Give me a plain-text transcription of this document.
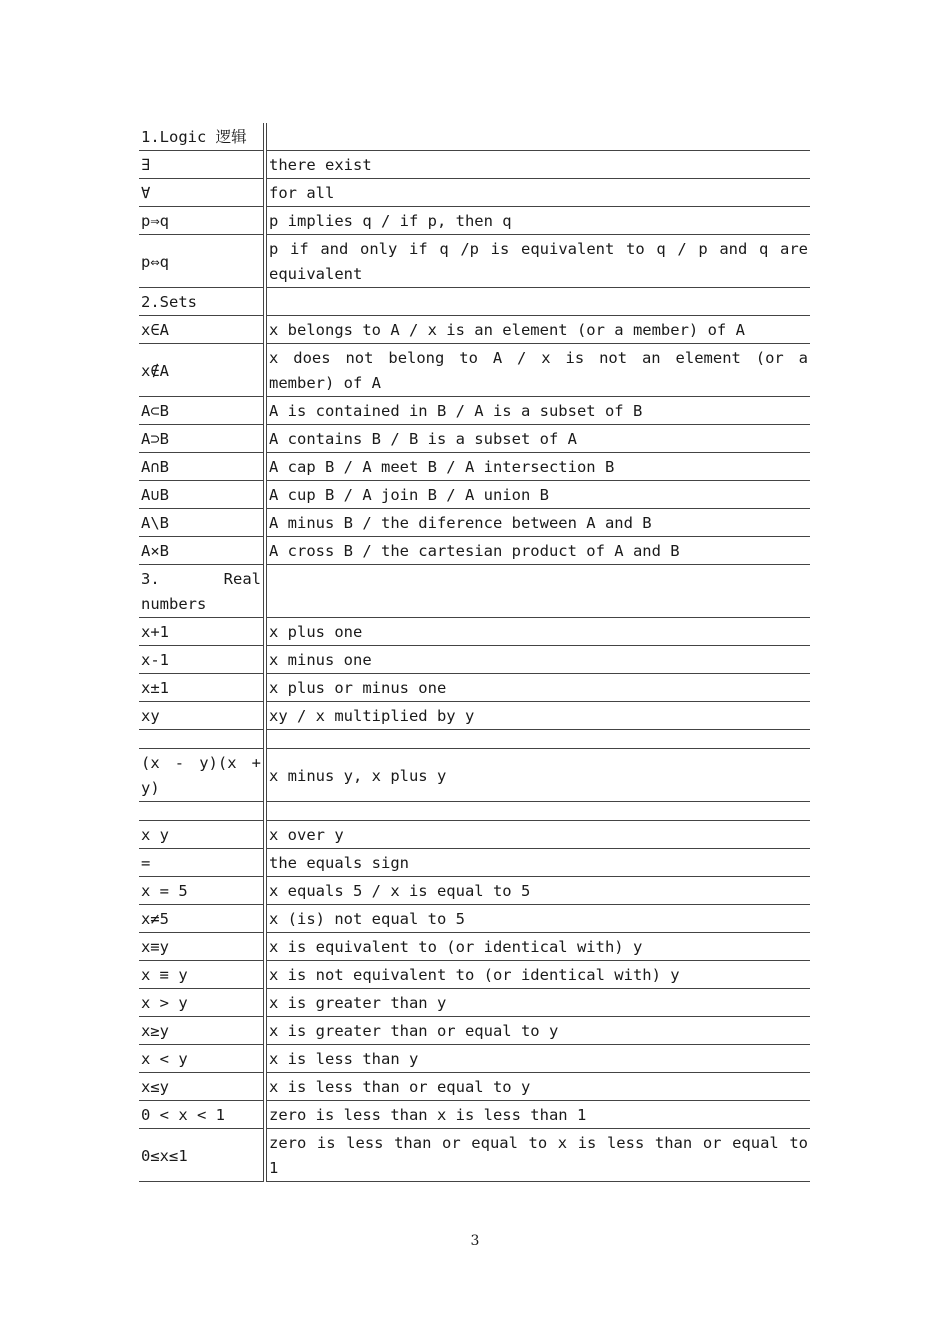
1.Logic 逻辑	
∃	there exist
∀	for all
p⇒q	p implies q / if p, then q
p⇔q	p if and only if q /p is equivalent to q / p and q are equivalent
2.Sets	
x∈A	x belongs to A / x is an element (or a member) of A
x∉A	x does not belong to A / x is not an element (or a member) of A
A⊂B	A is contained in B / A is a subset of B
A⊃B	A contains B / B is a subset of A
A∩B	A cap B / A meet B / A intersection B
A∪B	A cup B / A join B / A union B
A\B	A minus B / the diference between A and B
A×B	A cross B / the cartesian product of A and B
3. Real numbers	
x+1	x plus one
x-1	x minus one
x±1	x plus or minus one
xy	xy / x multiplied by y

(x - y)(x + y)	x minus y, x plus y

x y	x over y
=	the equals sign
x = 5	x equals 5 / x is equal to 5
x≠5	x (is) not equal to 5
x≡y	x is equivalent to (or identical with) y
x ≡ y	x is not equivalent to (or identical with) y
x > y	x is greater than y
x≥y	x is greater than or equal to y
x < y	x is less than y
x≤y	x is less than or equal to y
0 < x < 1	zero is less than x is less than 1
0≤x≤1	zero is less than or equal to x is less than or equal to 1
3
